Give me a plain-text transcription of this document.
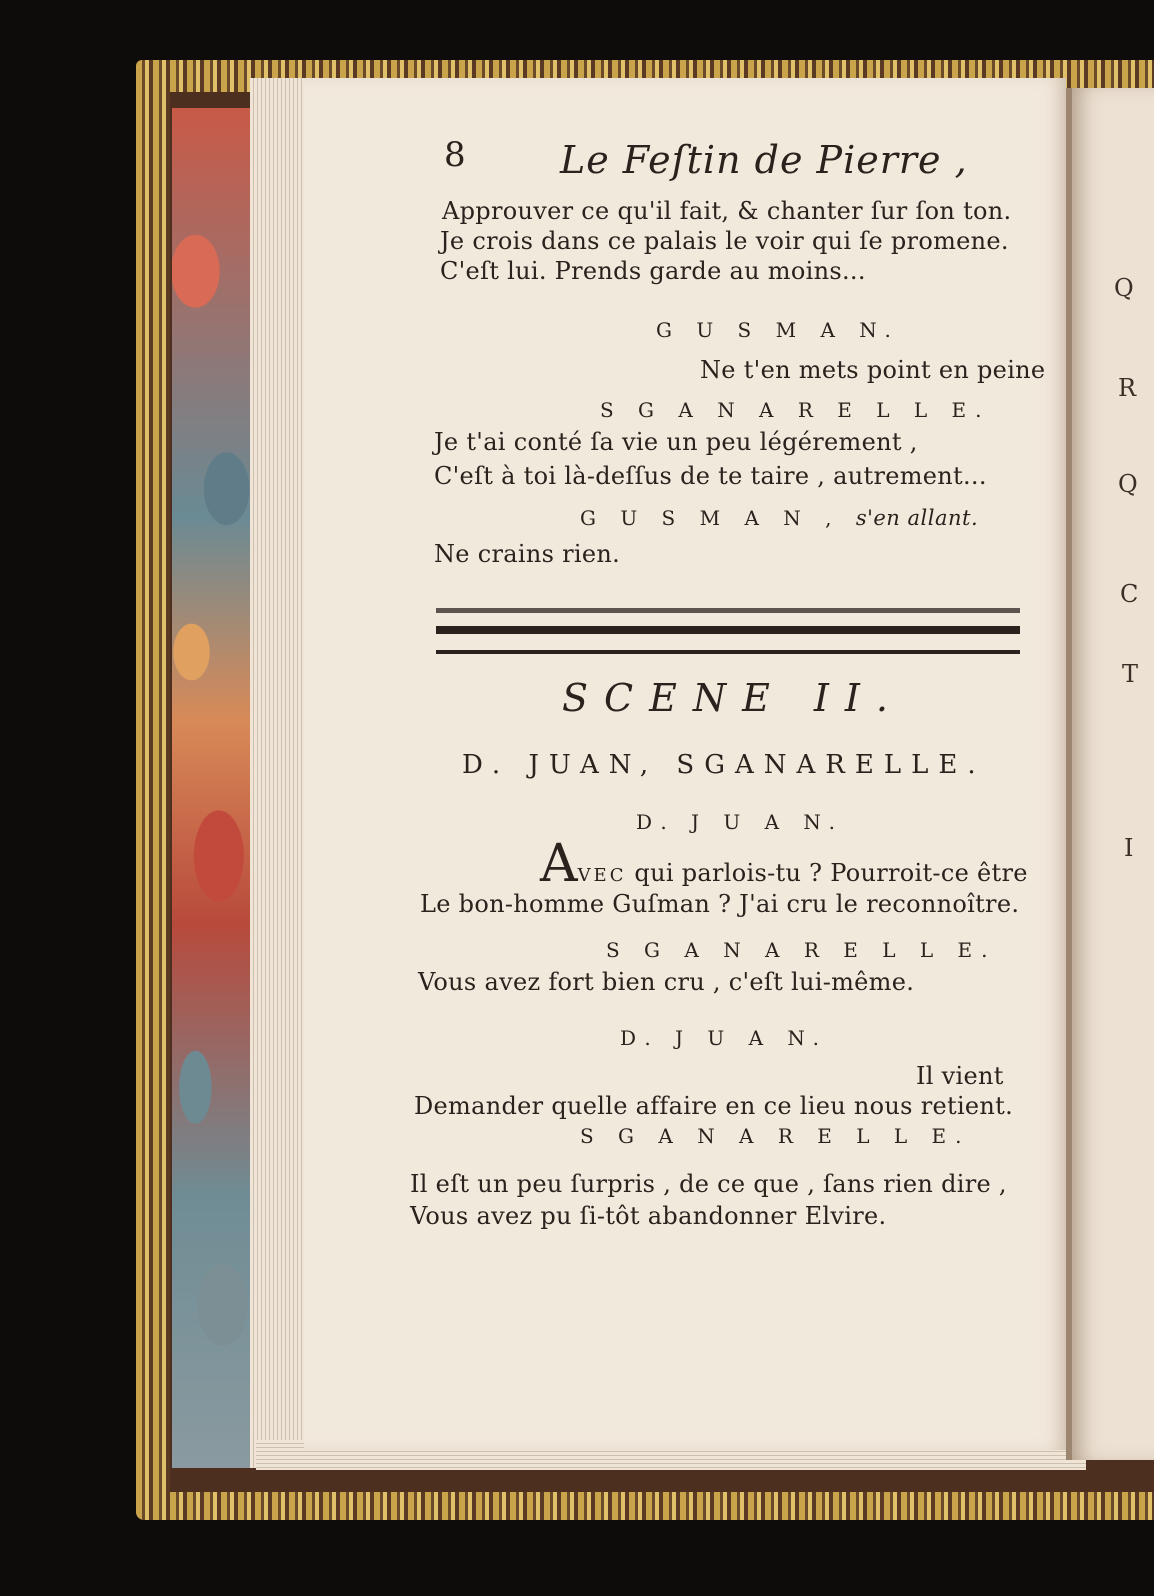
Q
R
Q
C
T
I
8 Le Feſtin de Pierre ,
Approuver ce qu'il fait, & chanter ſur ſon ton.
Je crois dans ce palais le voir qui ſe promene.
C'eſt lui. Prends garde au moins...
G U S M A N.
Ne t'en mets point en peine
S G A N A R E L L E.
Je t'ai conté ſa vie un peu légérement ,
C'eſt à toi là-deſſus de te taire , autrement...
G U S M A N , s'en allant.
Ne crains rien.
SCENE II.
D. JUAN, SGANARELLE.
D. J U A N.
AVEC qui parlois-tu ? Pourroit-ce être
Le bon-homme Guſman ? J'ai cru le reconnoître.
S G A N A R E L L E.
Vous avez fort bien cru , c'eſt lui-même.
D. J U A N.
Il vient
Demander quelle affaire en ce lieu nous retient.
S G A N A R E L L E.
Il eſt un peu ſurpris , de ce que , ſans rien dire ,
Vous avez pu ſi-tôt abandonner Elvire.
